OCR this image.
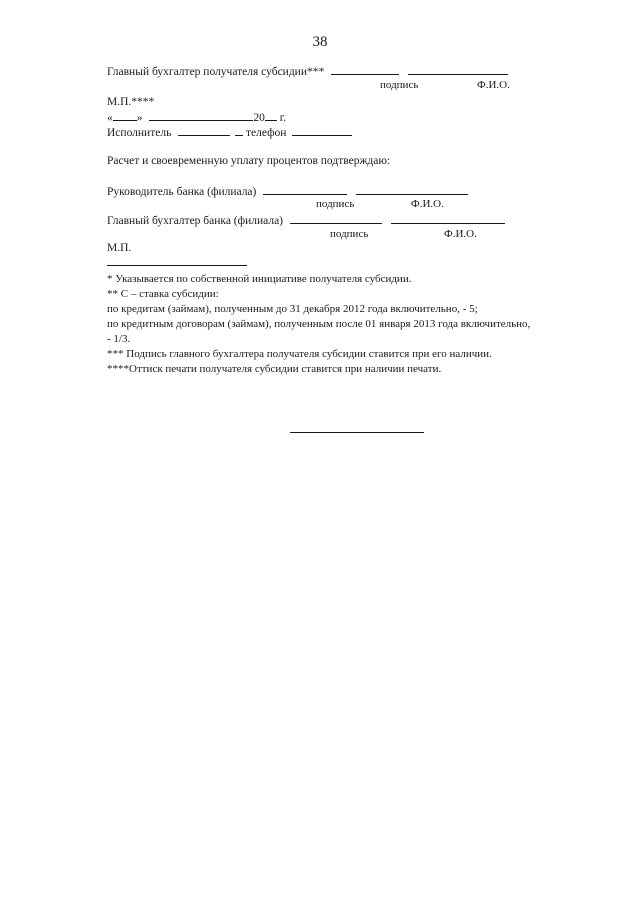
38
Главный бухгалтер получателя субсидии***
подпись	Ф.И.О.
М.П.****
« »	20 г.
Исполнитель	телефон
Расчет и своевременную уплату процентов подтверждаю:
Руководитель банка (филиала)
подпись	Ф.И.О.
Главный бухгалтер банка (филиала)
подпись	Ф.И.О.
М.П.
* Указывается по собственной инициативе получателя субсидии.
** С – ставка субсидии:
по кредитам (займам), полученным до 31 декабря 2012 года включительно, - 5;
по кредитным договорам (займам), полученным после 01 января 2013 года включительно,
- 1/3.
*** Подпись главного бухгалтера получателя субсидии ставится при его наличии.
****Оттиск печати получателя субсидии ставится при наличии печати.
